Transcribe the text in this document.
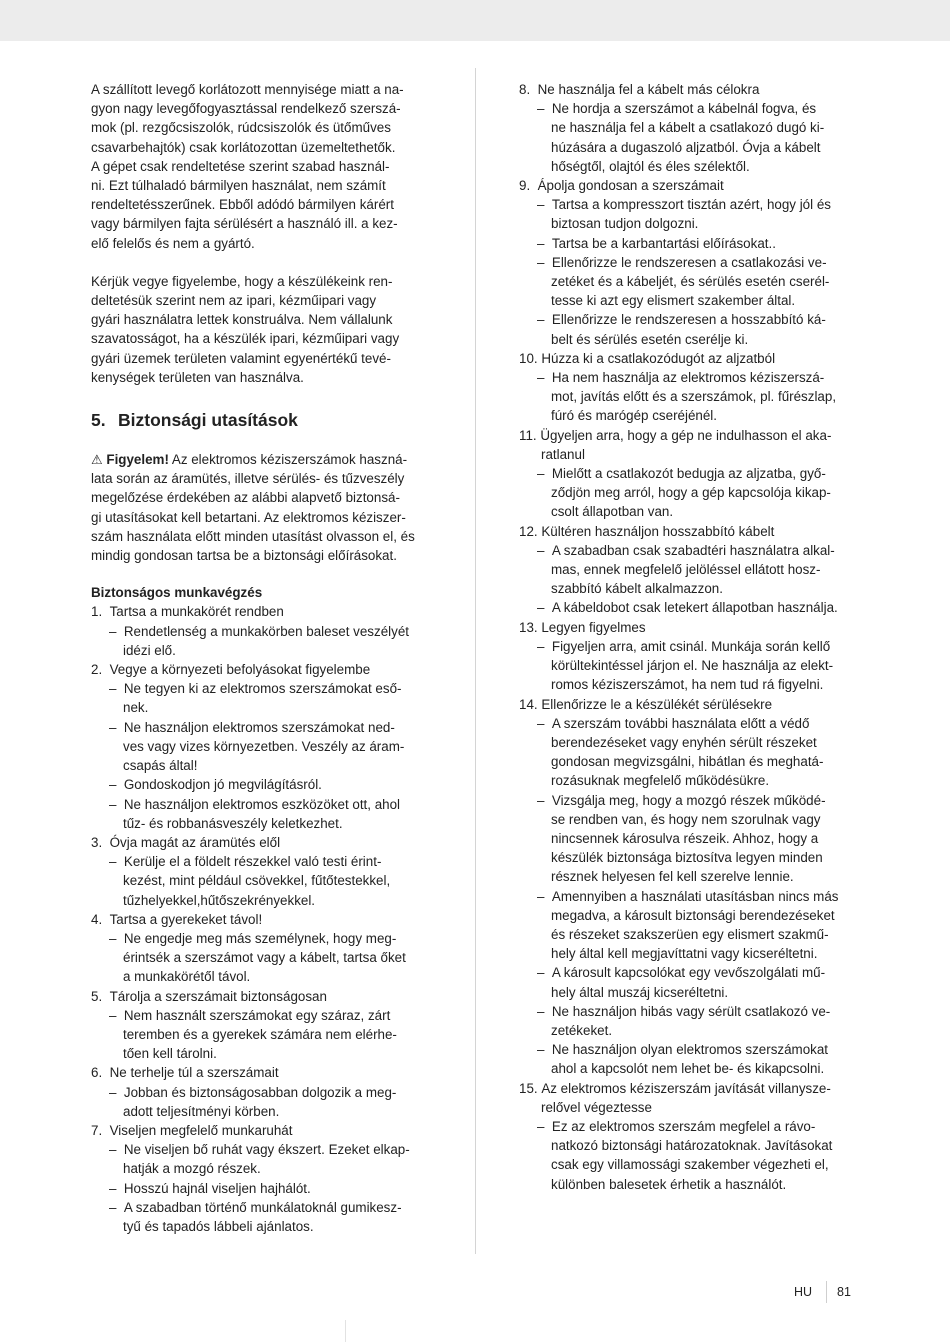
A szállított levegő korlátozott mennyisége miatt a na-
gyon nagy levegőfogyasztással rendelkező szerszá-
mok (pl. rezgőcsiszolók, rúdcsiszolók és ütőműves
csavarbehajtók) csak korlátozottan üzemeltethetők.
A gépet csak rendeltetése szerint szabad használ-
ni. Ezt túlhaladó bármilyen használat, nem számít
rendeltetésszerűnek. Ebből adódó bármilyen kárért
vagy bármilyen fajta sérülésért a használó ill. a kez-
elő felelős és nem a gyártó.

Kérjük vegye figyelembe, hogy a készülékeink ren-
deltetésük szerint nem az ipari, kézműipari vagy
gyári használatra lettek konstruálva. Nem vállalunk
szavatosságot, ha a készülék ipari, kézműipari vagy
gyári üzemek területen valamint egyenértékű tevé-
kenységek területen van használva.

5. Biztonsági utasítások

⚠ Figyelem! Az elektromos kéziszerszámok haszná-
lata során az áramütés, illetve sérülés- és tűzveszély
megelőzése érdekében az alábbi alapvető biztonsá-
gi utasításokat kell betartani. Az elektromos kéziszer-
szám használata előtt minden utasítást olvasson el, és
mindig gondosan tartsa be a biztonsági előírásokat.

Biztonságos munkavégzés

1.  Tartsa a munkakörét rendben

–  Rendetlenség a munkakörben baleset veszélyét
idézi elő.

2.  Vegye a környezeti befolyásokat figyelembe

–  Ne tegyen ki az elektromos szerszámokat eső-
nek.

–  Ne használjon elektromos szerszámokat ned-
ves vagy vizes környezetben. Veszély az áram-
csapás által!

–  Gondoskodjon jó megvilágításról.

–  Ne használjon elektromos eszközöket ott, ahol
tűz- és robbanásveszély keletkezhet.

3.  Óvja magát az áramütés elől

–  Kerülje el a földelt részekkel való testi érint-
kezést, mint például csövekkel, fűtőtestekkel,
tűzhelyekkel,hűtőszekrényekkel.

4.  Tartsa a gyerekeket távol!

–  Ne engedje meg más személynek, hogy meg-
érintsék a szerszámot vagy a kábelt, tartsa őket
a munkakörétől távol.

5.  Tárolja a szerszámait biztonságosan

–  Nem használt szerszámokat egy száraz, zárt
teremben és a gyerekek számára nem elérhe-
tően kell tárolni.

6.  Ne terhelje túl a szerszámait

–  Jobban és biztonságosabban dolgozik a meg-
adott teljesítményi körben.

7.  Viseljen megfelelő munkaruhát

–  Ne viseljen bő ruhát vagy ékszert. Ezeket elkap-
hatják a mozgó részek.

–  Hosszú hajnál viseljen hajhálót.

–  A szabadban történő munkálatoknál gumikesz-
tyű és tapadós lábbeli ajánlatos.

8.  Ne használja fel a kábelt más célokra

–  Ne hordja a szerszámot a kábelnál fogva, és
ne használja fel a kábelt a csatlakozó dugó ki-
húzására a dugaszoló aljzatból. Óvja a kábelt
hőségtől, olajtól és éles szélektől.

9.  Ápolja gondosan a szerszámait

–  Tartsa a kompresszort tisztán azért, hogy jól és
biztosan tudjon dolgozni.

–  Tartsa be a karbantartási előírásokat..

–  Ellenőrizze le rendszeresen a csatlakozási ve-
zetéket és a kábeljét, és sérülés esetén cserél-
tesse ki azt egy elismert szakember által.

–  Ellenőrizze le rendszeresen a hosszabbító ká-
belt és sérülés esetén cserélje ki.

10. Húzza ki a csatlakozódugót az aljzatból

–  Ha nem használja az elektromos kéziszerszá-
mot, javítás előtt és a szerszámok, pl. fűrészlap,
fúró és marógép cseréjénél.

11. Ügyeljen arra, hogy a gép ne indulhasson el aka-
ratlanul

–  Mielőtt a csatlakozót bedugja az aljzatba, győ-
ződjön meg arról, hogy a gép kapcsolója kikap-
csolt állapotban van.

12. Kültéren használjon hosszabbító kábelt

–  A szabadban csak szabadtéri használatra alkal-
mas, ennek megfelelő jelöléssel ellátott hosz-
szabbító kábelt alkalmazzon.

–  A kábeldobot csak letekert állapotban használja.

13. Legyen figyelmes

–  Figyeljen arra, amit csinál. Munkája során kellő
körültekintéssel járjon el. Ne használja az elekt-
romos kéziszerszámot, ha nem tud rá figyelni.

14. Ellenőrizze le a készülékét sérülésekre

–  A szerszám további használata előtt a védő
berendezéseket vagy enyhén sérült részeket
gondosan megvizsgálni, hibátlan és meghatá-
rozásuknak megfelelő működésükre.

–  Vizsgálja meg, hogy a mozgó részek működé-
se rendben van, és hogy nem szorulnak vagy
nincsennek károsulva részeik. Ahhoz, hogy a
készülék biztonsága biztosítva legyen minden
résznek helyesen fel kell szerelve lennie.

–  Amennyiben a használati utasításban nincs más
megadva, a károsult biztonsági berendezéseket
és részeket szakszerüen egy elismert szakmű-
hely által kell megjavíttatni vagy kicseréltetni.

–  A károsult kapcsolókat egy vevőszolgálati mű-
hely által muszáj kicseréltetni.

–  Ne használjon hibás vagy sérült csatlakozó ve-
zetékeket.

–  Ne használjon olyan elektromos szerszámokat
ahol a kapcsolót nem lehet be- és kikapcsolni.

15. Az elektromos kéziszerszám javítását villanysze-
relővel végeztesse

–  Ez az elektromos szerszám megfelel a rávo-
natkozó biztonsági határozatoknak. Javításokat
csak egy villamossági szakember végezheti el,
különben balesetek érhetik a használót.

HU 81
